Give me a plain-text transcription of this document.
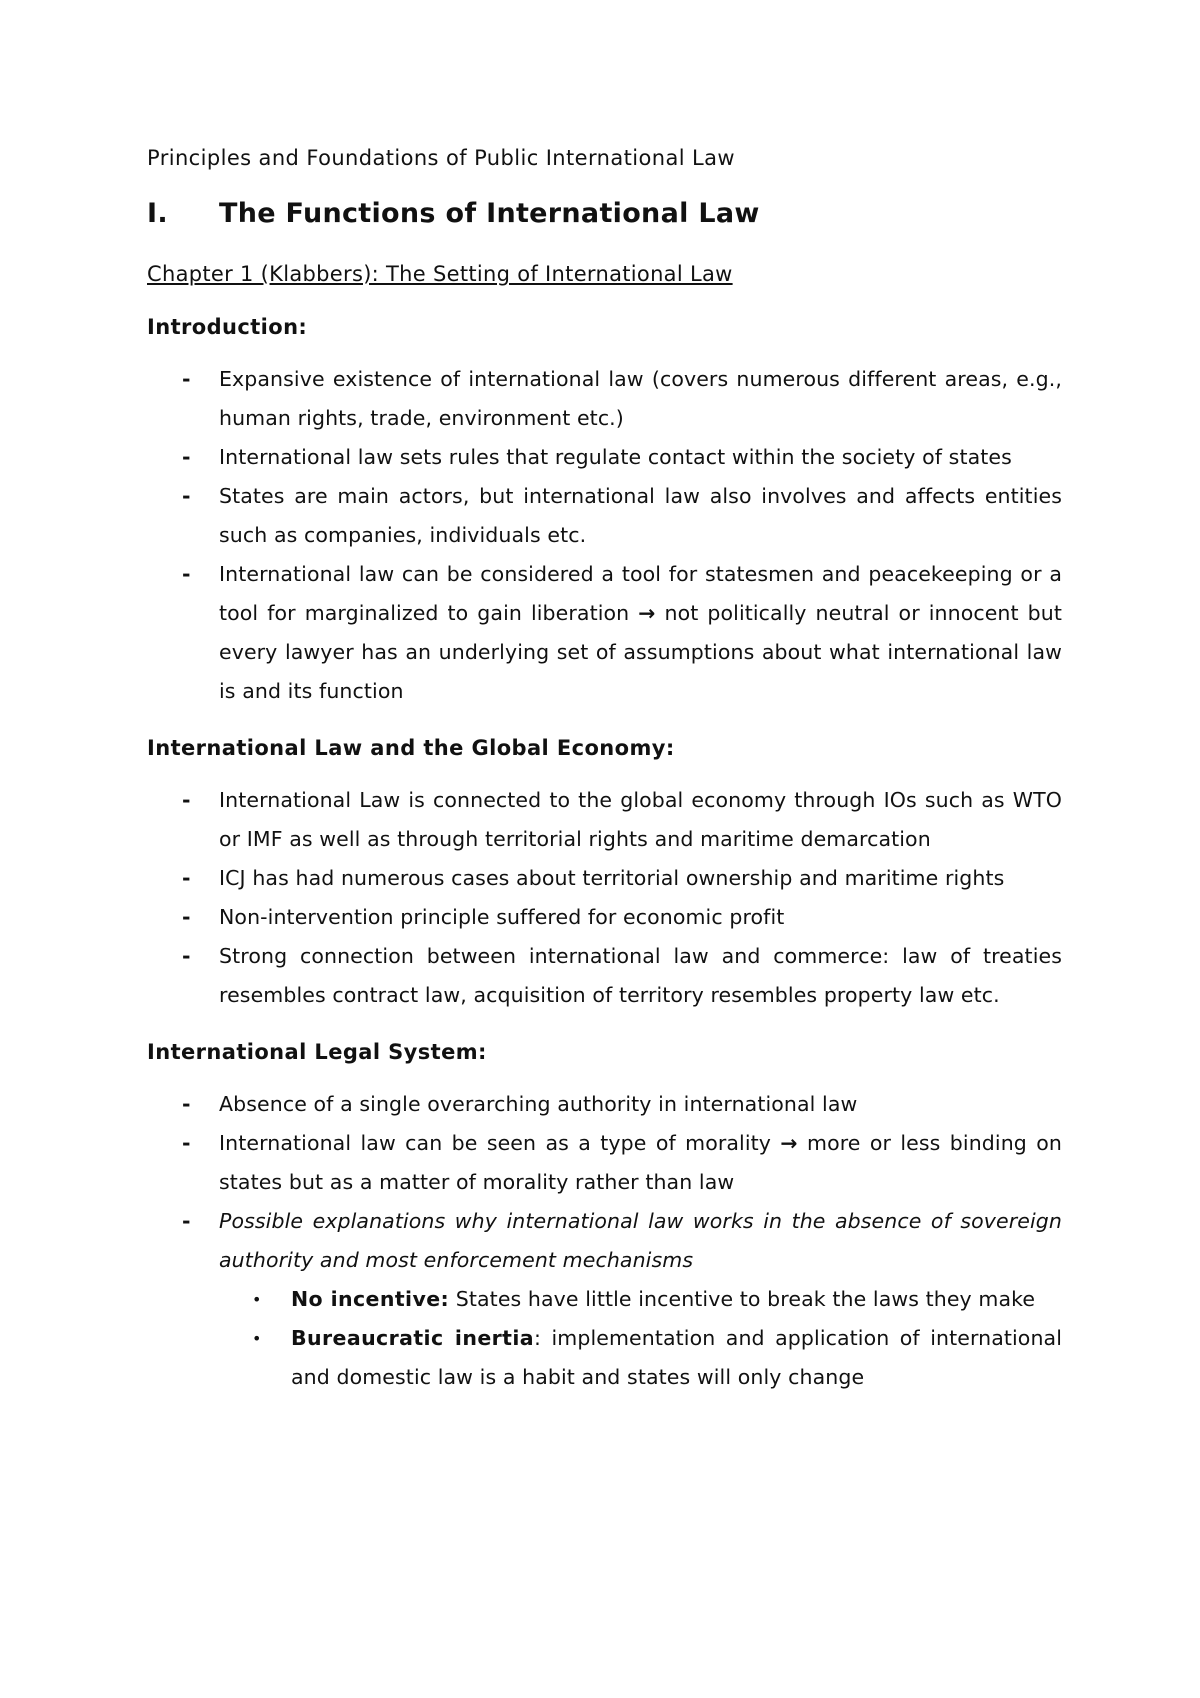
Principles and Foundations of Public International Law

I.	The Functions of International Law
Chapter 1 (Klabbers): The Setting of International Law
Introduction:
- Expansive existence of international law (covers numerous different areas, e.g., human rights, trade, environment etc.)
- International law sets rules that regulate contact within the society of states
- States are main actors, but international law also involves and affects entities such as companies, individuals etc.
- International law can be considered a tool for statesmen and peacekeeping or a tool for marginalized to gain liberation → not politically neutral or innocent but every lawyer has an underlying set of assumptions about what international law is and its function
International Law and the Global Economy:
- International Law is connected to the global economy through IOs such as WTO or IMF as well as through territorial rights and maritime demarcation
- ICJ has had numerous cases about territorial ownership and maritime rights
- Non-intervention principle suffered for economic profit
- Strong connection between international law and commerce: law of treaties resembles contract law, acquisition of territory resembles property law etc.
International Legal System:
- Absence of a single overarching authority in international law
- International law can be seen as a type of morality → more or less binding on states but as a matter of morality rather than law
- Possible explanations why international law works in the absence of sovereign authority and most enforcement mechanisms
• No incentive: States have little incentive to break the laws they make
• Bureaucratic inertia: implementation and application of international and domestic law is a habit and states will only change
